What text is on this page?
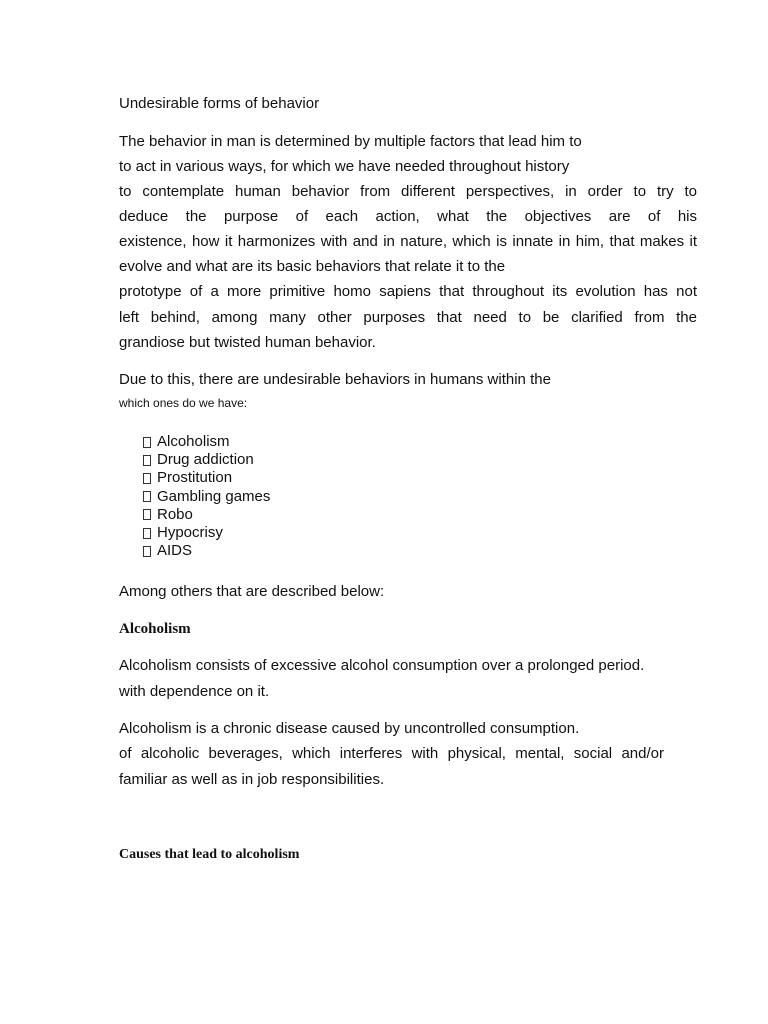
Undesirable forms of behavior

The behavior in man is determined by multiple factors that lead him to

to act in various ways, for which we have needed throughout history

to contemplate human behavior from different perspectives, in order to try to

deduce the purpose of each action, what the objectives are of his

existence, how it harmonizes with and in nature, which is innate in him, that makes it

evolve and what are its basic behaviors that relate it to the

prototype of a more primitive homo sapiens that throughout its evolution has not

left behind, among many other purposes that need to be clarified from the

grandiose but twisted human behavior.

Due to this, there are undesirable behaviors in humans within the

which ones do we have:

Alcoholism
Drug addiction
Prostitution
Gambling games
Robo
Hypocrisy
AIDS

Among others that are described below:

Alcoholism

Alcoholism consists of excessive alcohol consumption over a prolonged period.

with dependence on it.

Alcoholism is a chronic disease caused by uncontrolled consumption.

of alcoholic beverages, which interferes with physical, mental, social and/or

familiar as well as in job responsibilities.

Causes that lead to alcoholism
